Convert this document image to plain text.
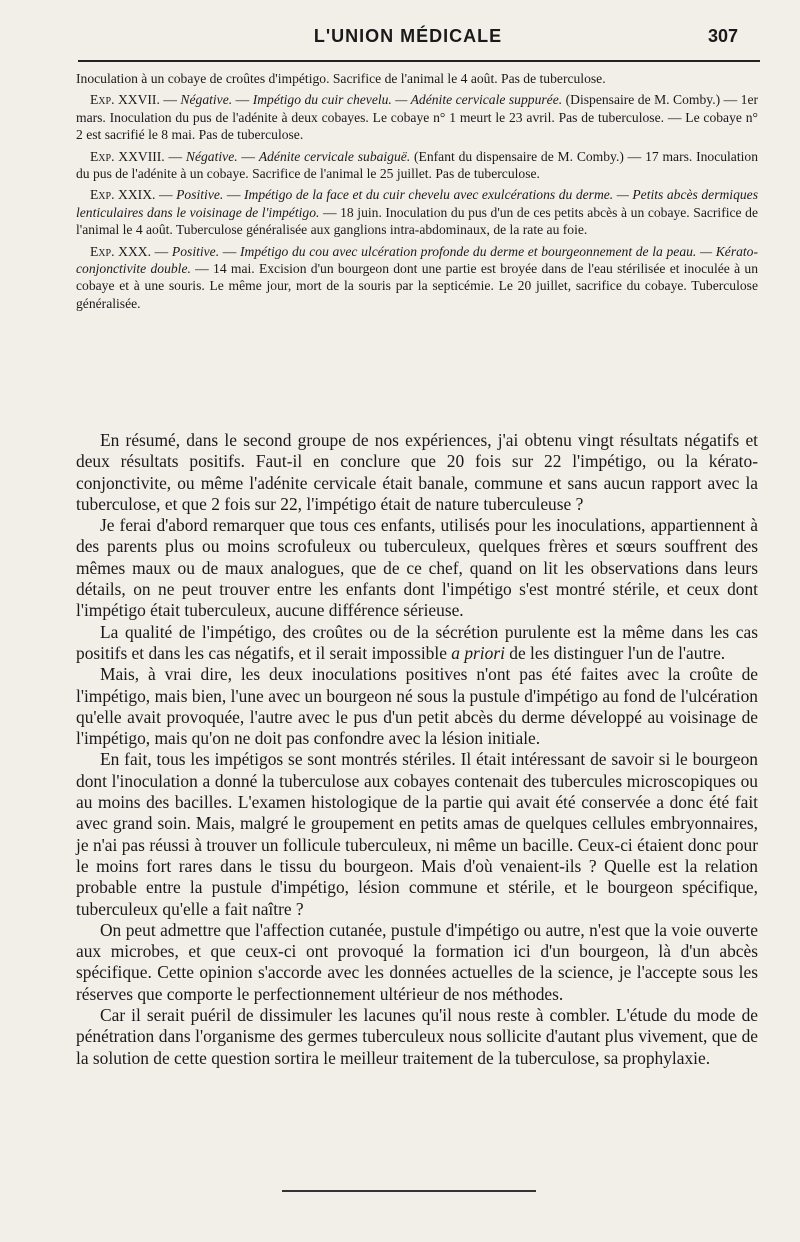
L'UNION MÉDICALE	307

Inoculation à un cobaye de croûtes d'impétigo. Sacrifice de l'animal le 4 août. Pas de tuberculose.

Exp. XXVII. — Négative. — Impétigo du cuir chevelu. — Adénite cervicale suppurée. (Dispensaire de M. Comby.) — 1er mars. Inoculation du pus de l'adénite à deux cobayes. Le cobaye n° 1 meurt le 23 avril. Pas de tuberculose. — Le cobaye n° 2 est sacrifié le 8 mai. Pas de tuberculose.

Exp. XXVIII. — Négative. — Adénite cervicale subaiguë. (Enfant du dispensaire de M. Comby.) — 17 mars. Inoculation du pus de l'adénite à un cobaye. Sacrifice de l'animal le 25 juillet. Pas de tuberculose.

Exp. XXIX. — Positive. — Impétigo de la face et du cuir chevelu avec exulcérations du derme. — Petits abcès dermiques lenticulaires dans le voisinage de l'impétigo. — 18 juin. Inoculation du pus d'un de ces petits abcès à un cobaye. Sacrifice de l'animal le 4 août. Tuberculose généralisée aux ganglions intra-abdominaux, de la rate au foie.

Exp. XXX. — Positive. — Impétigo du cou avec ulcération profonde du derme et bourgeonnement de la peau. — Kérato-conjonctivite double. — 14 mai. Excision d'un bourgeon dont une partie est broyée dans de l'eau stérilisée et inoculée à un cobaye et à une souris. Le même jour, mort de la souris par la septicémie. Le 20 juillet, sacrifice du cobaye. Tuberculose généralisée.

En résumé, dans le second groupe de nos expériences, j'ai obtenu vingt résultats négatifs et deux résultats positifs. Faut-il en conclure que 20 fois sur 22 l'impétigo, ou la kérato-conjonctivite, ou même l'adénite cervicale était banale, commune et sans aucun rapport avec la tuberculose, et que 2 fois sur 22, l'impétigo était de nature tuberculeuse ?

Je ferai d'abord remarquer que tous ces enfants, utilisés pour les inoculations, appartiennent à des parents plus ou moins scrofuleux ou tuberculeux, quelques frères et sœurs souffrent des mêmes maux ou de maux analogues, que de ce chef, quand on lit les observations dans leurs détails, on ne peut trouver entre les enfants dont l'impétigo s'est montré stérile, et ceux dont l'impétigo était tuberculeux, aucune différence sérieuse.

La qualité de l'impétigo, des croûtes ou de la sécrétion purulente est la même dans les cas positifs et dans les cas négatifs, et il serait impossible a priori de les distinguer l'un de l'autre.

Mais, à vrai dire, les deux inoculations positives n'ont pas été faites avec la croûte de l'impétigo, mais bien, l'une avec un bourgeon né sous la pustule d'impétigo au fond de l'ulcération qu'elle avait provoquée, l'autre avec le pus d'un petit abcès du derme développé au voisinage de l'impétigo, mais qu'on ne doit pas confondre avec la lésion initiale.

En fait, tous les impétigos se sont montrés stériles. Il était intéressant de savoir si le bourgeon dont l'inoculation a donné la tuberculose aux cobayes contenait des tubercules microscopiques ou au moins des bacilles. L'examen histologique de la partie qui avait été conservée a donc été fait avec grand soin. Mais, malgré le groupement en petits amas de quelques cellules embryonnaires, je n'ai pas réussi à trouver un follicule tuberculeux, ni même un bacille. Ceux-ci étaient donc pour le moins fort rares dans le tissu du bourgeon. Mais d'où venaient-ils ? Quelle est la relation probable entre la pustule d'impétigo, lésion commune et stérile, et le bourgeon spécifique, tuberculeux qu'elle a fait naître ?

On peut admettre que l'affection cutanée, pustule d'impétigo ou autre, n'est que la voie ouverte aux microbes, et que ceux-ci ont provoqué la formation ici d'un bourgeon, là d'un abcès spécifique. Cette opinion s'accorde avec les données actuelles de la science, je l'accepte sous les réserves que comporte le perfectionnement ultérieur de nos méthodes.

Car il serait puéril de dissimuler les lacunes qu'il nous reste à combler. L'étude du mode de pénétration dans l'organisme des germes tuberculeux nous sollicite d'autant plus vivement, que de la solution de cette question sortira le meilleur traitement de la tuberculose, sa prophylaxie.
